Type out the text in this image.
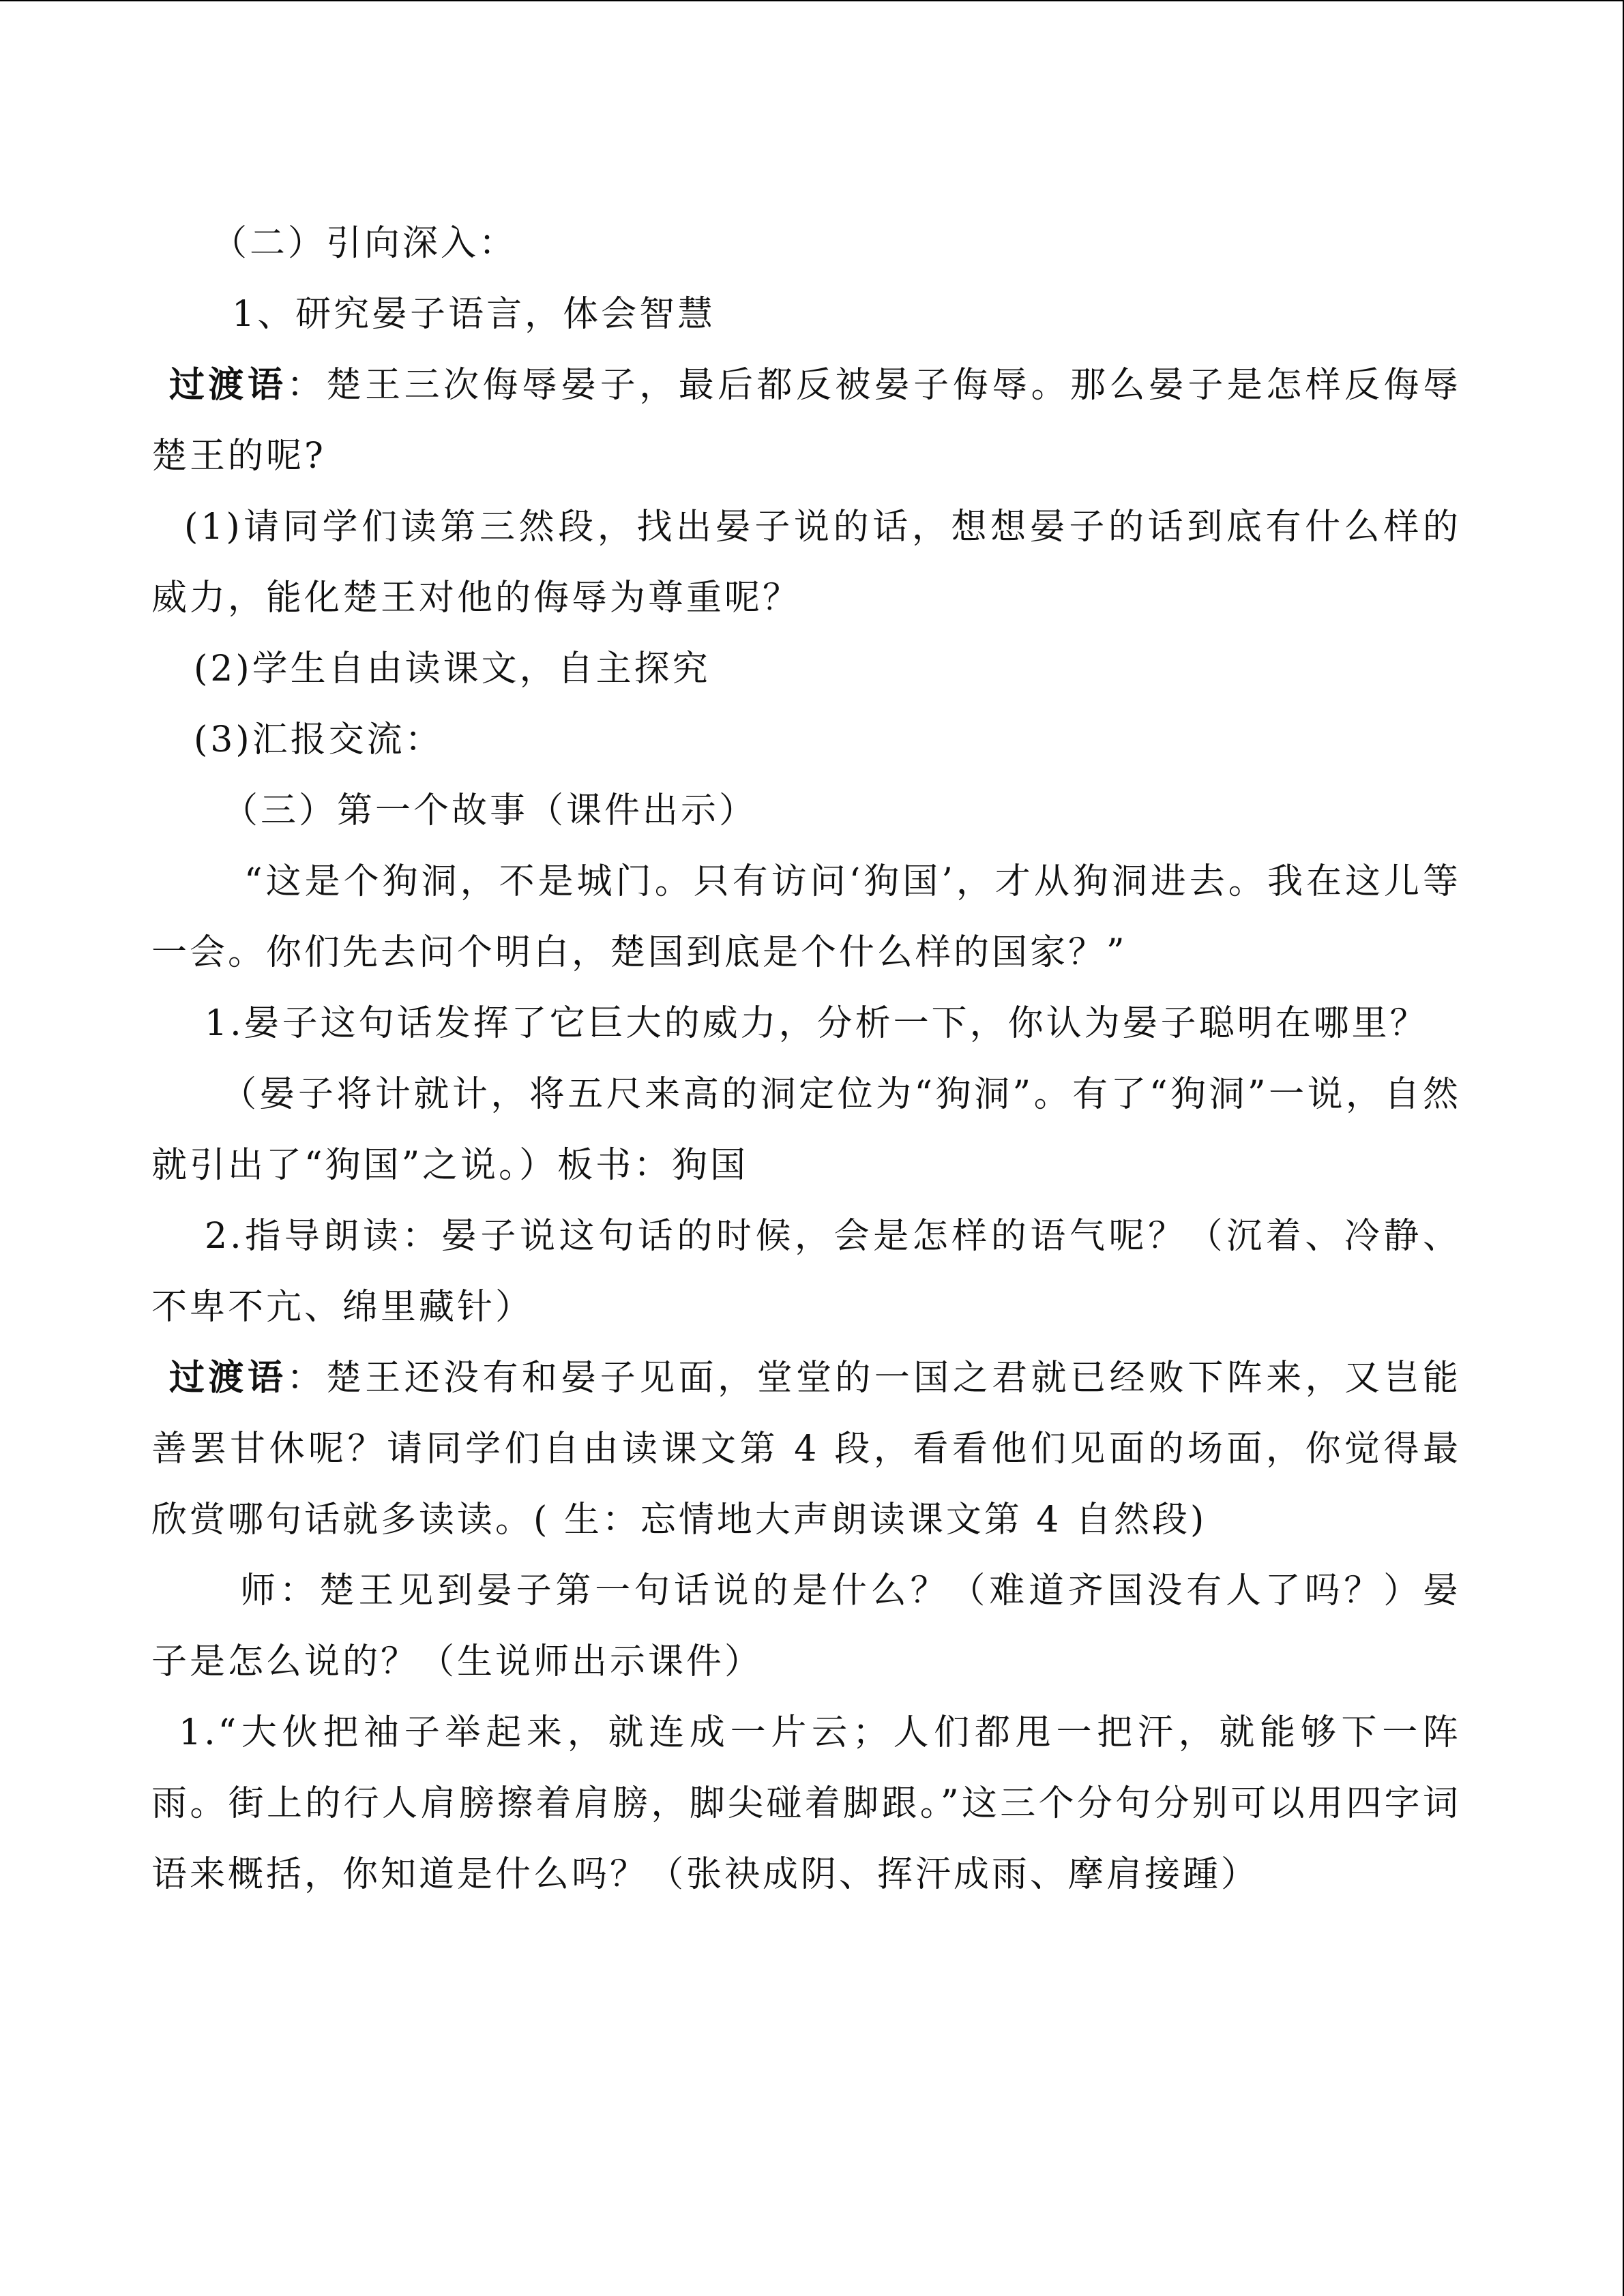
（二）引向深入：

1、研究晏子语言，体会智慧

过渡语：楚王三次侮辱晏子，最后都反被晏子侮辱。那么晏子是怎样反侮辱楚王的呢?

(1)请同学们读第三然段，找出晏子说的话，想想晏子的话到底有什么样的威力，能化楚王对他的侮辱为尊重呢？

(2)学生自由读课文，自主探究

(3)汇报交流：

（三）第一个故事（课件出示）

“这是个狗洞，不是城门。只有访问‘狗国’，才从狗洞进去。我在这儿等一会。你们先去问个明白，楚国到底是个什么样的国家？”

1.晏子这句话发挥了它巨大的威力，分析一下，你认为晏子聪明在哪里？

（晏子将计就计，将五尺来高的洞定位为“狗洞”。有了“狗洞”一说，自然就引出了“狗国”之说。）板书：狗国

2.指导朗读：晏子说这句话的时候，会是怎样的语气呢？（沉着、冷静、不卑不亢、绵里藏针）

过渡语：楚王还没有和晏子见面，堂堂的一国之君就已经败下阵来，又岂能善罢甘休呢？请同学们自由读课文第 4 段，看看他们见面的场面，你觉得最欣赏哪句话就多读读。( 生：忘情地大声朗读课文第 4 自然段)

师：楚王见到晏子第一句话说的是什么？（难道齐国没有人了吗？）晏子是怎么说的？（生说师出示课件）

1.“大伙把袖子举起来，就连成一片云；人们都甩一把汗，就能够下一阵雨。街上的行人肩膀擦着肩膀，脚尖碰着脚跟。”这三个分句分别可以用四字词语来概括，你知道是什么吗？（张袂成阴、挥汗成雨、摩肩接踵）
